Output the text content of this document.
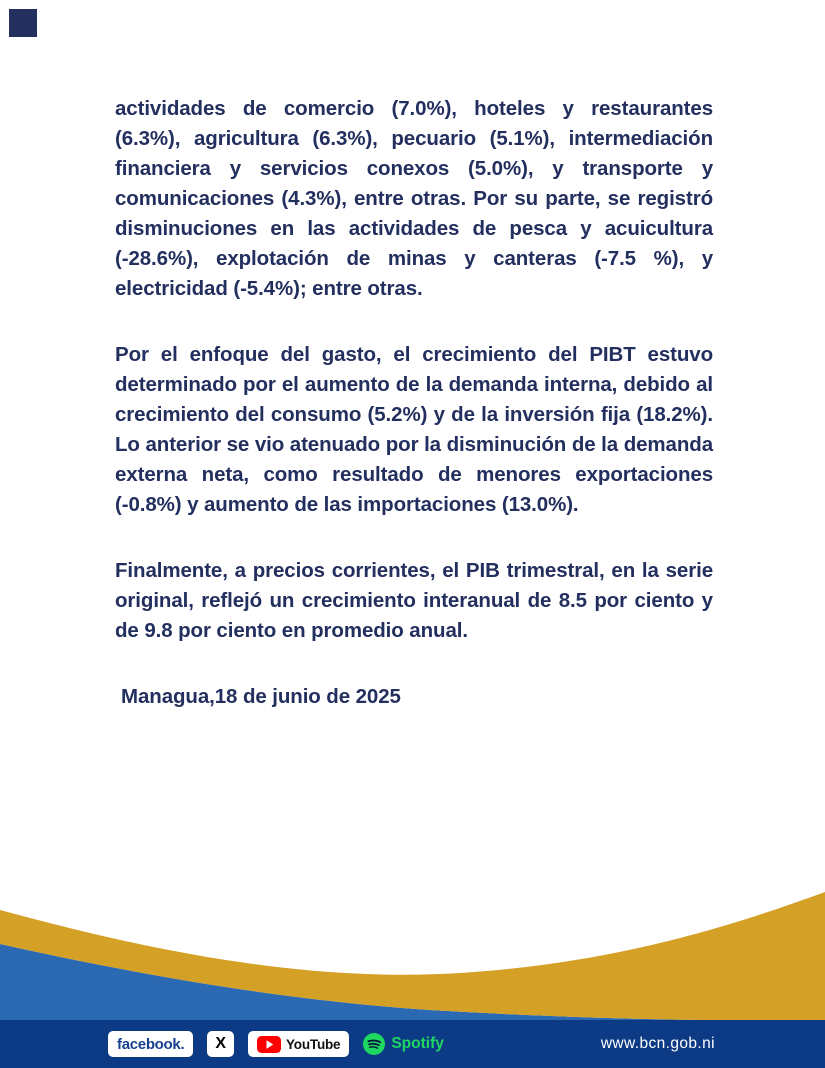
actividades de comercio (7.0%), hoteles y restaurantes (6.3%), agricultura (6.3%), pecuario (5.1%), intermediación financiera y servicios conexos (5.0%), y transporte y comunicaciones (4.3%), entre otras. Por su parte, se registró disminuciones en las actividades de pesca y acuicultura (-28.6%), explotación de minas y canteras (-7.5 %), y electricidad (-5.4%); entre otras.

Por el enfoque del gasto, el crecimiento del PIBT estuvo determinado por el aumento de la demanda interna, debido al crecimiento del consumo (5.2%) y de la inversión fija (18.2%). Lo anterior se vio atenuado por la disminución de la demanda externa neta, como resultado de menores exportaciones (-0.8%) y aumento de las importaciones (13.0%).

Finalmente, a precios corrientes, el PIB trimestral, en la serie original, reflejó un crecimiento interanual de 8.5 por ciento y de 9.8 por ciento en promedio anual.

Managua,18 de junio de 2025

facebook. X	YouTube	Spotify	www.bcn.gob.ni
